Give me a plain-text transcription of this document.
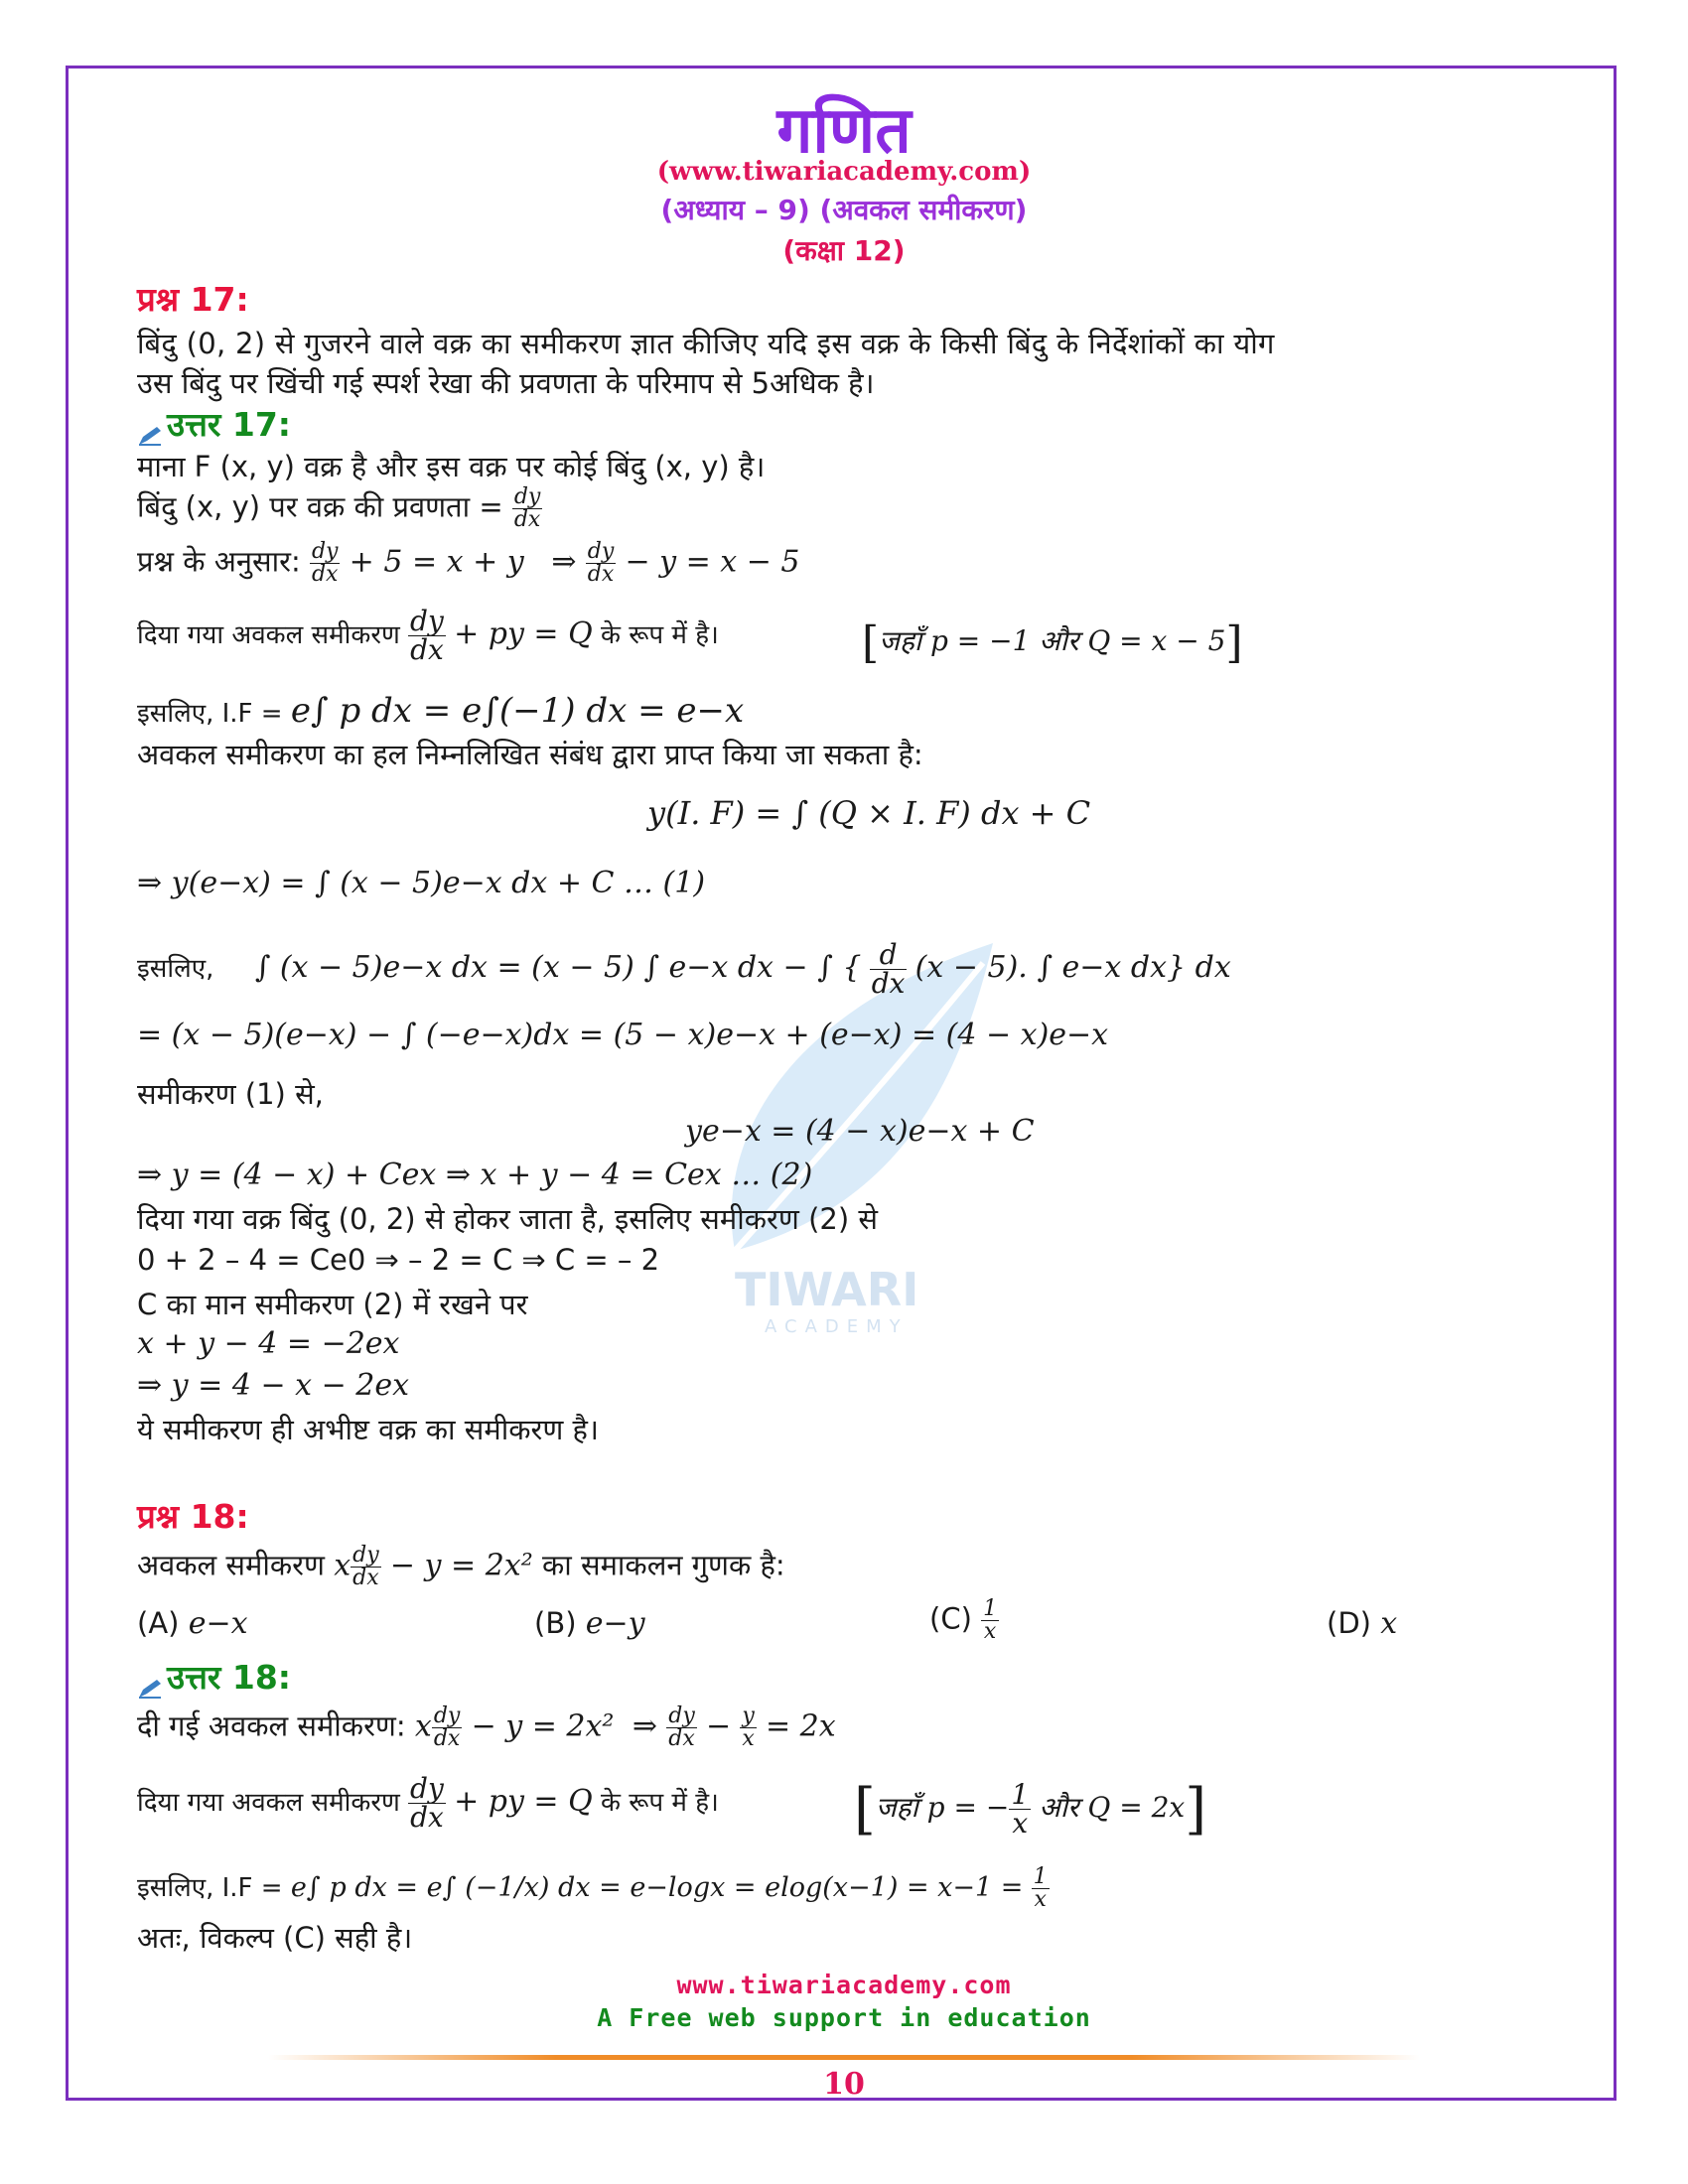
TIWARI
ACADEMY
गणित
(www.tiwariacademy.com)
(अध्याय – 9) (अवकल समीकरण)
(कक्षा 12)
प्रश्न 17:
बिंदु (0, 2) से गुजरने वाले वक्र का समीकरण ज्ञात कीजिए यदि इस वक्र के किसी बिंदु के निर्देशांकों का योग
उस बिंदु पर खिंची गई स्पर्श रेखा की प्रवणता के परिमाप से 5अधिक है।
उत्तर 17:
माना F (x, y) वक्र है और इस वक्र पर कोई बिंदु (x, y) है।
बिंदु (x, y) पर वक्र की प्रवणता = $\frac{dy}{dx}$
प्रश्न के अनुसार: $\frac{dy}{dx} + 5 = x + y$ ⇒ $\frac{dy}{dx} - y = x - 5$
दिया गया अवकल समीकरण $\frac{dy}{dx}$ + py = Q के रूप में है।	[जहाँ p = −1 और Q = x − 5]
इसलिए, I.F = e∫ p dx = e∫(−1) dx = e−x
अवकल समीकरण का हल निम्नलिखित संबंध द्वारा प्राप्त किया जा सकता है:
y(I. F) = ∫ (Q × I. F) dx + C
⇒ y(e−x) = ∫ (x − 5)e−x dx + C … (1)
इसलिए, ∫ (x − 5)e−x dx = (x − 5) ∫ e−x dx − ∫ { $\frac{d}{dx} (x - 5)$. ∫ e−x dx} dx
= (x − 5)(e−x) − ∫ (−e−x)dx = (5 − x)e−x + (e−x) = (4 − x)e−x
समीकरण (1) से,
ye−x = (4 − x)e−x + C
⇒ y = (4 − x) + Cex ⇒ x + y − 4 = Cex … (2)
दिया गया वक्र बिंदु (0, 2) से होकर जाता है, इसलिए समीकरण (2) से
0 + 2 – 4 = Ce0 ⇒ – 2 = C ⇒ C = – 2
C का मान समीकरण (2) में रखने पर
x + y − 4 = −2ex
⇒ y = 4 − x − 2ex
ये समीकरण ही अभीष्ट वक्र का समीकरण है।
प्रश्न 18:
अवकल समीकरण x $\frac{dy}{dx} - y = 2x^2$ का समाकलन गुणक है:
(A) e−x	(B) e−y	$(C) \frac{1}{x}$	(D) x
उत्तर 18:
दी गई अवकल समीकरण: x $\frac{dy}{dx} - y = 2x^2$ ⇒ $\frac{dy}{dx} - \frac{y}{x} = 2x$
दिया गया अवकल समीकरण $\frac{dy}{dx}$ + py = Q के रूप में है। [जहाँ p = − $\frac{1}{x}$ और Q = 2x]
इसलिए, I.F = e∫ p dx = e∫ (−1/x) dx = $e-\log x = elog(x-1) = x-1 = \frac{1}{x}$
अतः, विकल्प (C) सही है।
www.tiwariacademy.com
A Free web support in education
10
